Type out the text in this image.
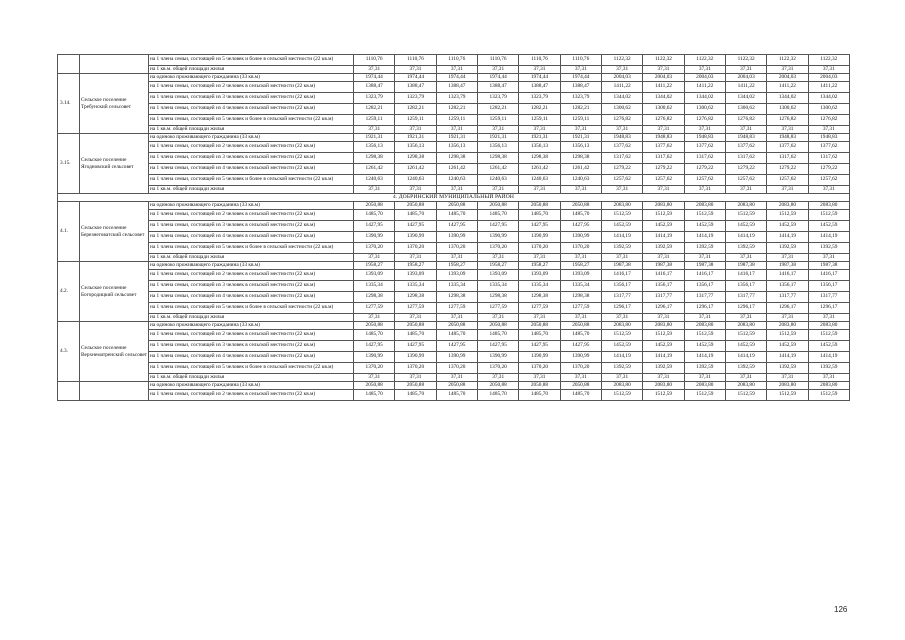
		на 1 члена семьи, состоящей из 5 человек и более в сельской местности (22 кв.м)	1110,76	1110,76	1110,76	1110,76	1110,76	1110,76	1122,32	1122,32	1122,32	1122,32	1122,32	1122,32
		на 1 кв.м. общей площади жилья	37,31	37,31	37,31	37,31	37,31	37,31	37,31	37,31	37,31	37,31	37,31	37,31
3.14.	Сельское поселение Требунский сельсовет	на одиноко проживающего гражданина (33 кв.м)	1974,44	1974,44	1974,44	1974,44	1974,44	1974,44	2004,03	2004,03	2004,03	2004,03	2004,03	2004,03
		на 1 члена семьи, состоящей из 2 человек в сельской местности (22 кв.м)	1388,47	1388,47	1388,47	1388,47	1388,47	1388,47	1411,22	1411,22	1411,22	1411,22	1411,22	1411,22
		на 1 члена семьи, состоящей из 3 человек в сельской местности (22 кв.м)	1323,79	1323,79	1323,79	1323,79	1323,79	1323,79	1344,02	1344,02	1344,02	1344,02	1344,02	1344,02
		на 1 члена семьи, состоящей из 4 человек в сельской местности (22 кв.м)	1282,21	1282,21	1282,21	1282,21	1282,21	1282,21	1300,62	1300,62	1300,62	1300,62	1300,62	1300,62
		на 1 члена семьи, состоящей из 5 человек и более в сельской местности (22 кв.м)	1259,11	1259,11	1259,11	1259,11	1259,11	1259,11	1276,82	1276,82	1276,82	1276,82	1276,82	1276,82
		на 1 кв.м. общей площади жилья	37,31	37,31	37,31	37,31	37,31	37,31	37,31	37,31	37,31	37,31	37,31	37,31
3.15.	Сельское поселение Ягодновский сельсовет	на одиноко проживающего гражданина (33 кв.м)	1921,31	1921,31	1921,31	1921,31	1921,31	1921,31	1948,83	1948,83	1948,83	1948,83	1948,83	1948,83
		на 1 члена семьи, состоящей из 2 человек в сельской местности (22 кв.м)	1356,13	1356,13	1356,13	1356,13	1356,13	1356,13	1377,62	1377,62	1377,62	1377,62	1377,62	1377,62
		на 1 члена семьи, состоящей из 3 человек в сельской местности (22 кв.м)	1298,38	1298,38	1298,38	1298,38	1298,38	1298,38	1317,62	1317,62	1317,62	1317,62	1317,62	1317,62
		на 1 члена семьи, состоящей из 4 человек в сельской местности (22 кв.м)	1261,42	1261,42	1261,42	1261,42	1261,42	1261,42	1279,22	1279,22	1279,22	1279,22	1279,22	1279,22
		на 1 члена семьи, состоящей из 5 человек и более в сельской местности (22 кв.м)	1240,63	1240,63	1240,63	1240,63	1240,63	1240,63	1257,62	1257,62	1257,62	1257,62	1257,62	1257,62
		на 1 кв.м. общей площади жилья	37,31	37,31	37,31	37,31	37,31	37,31	37,31	37,31	37,31	37,31	37,31	37,31
4. ДОБРИНСКИЙ МУНИЦИПАЛЬНЫЙ РАЙОН														
4.1.	Сельское поселение Березнеговатский сельсовет	на одиноко проживающего гражданина (33 кв.м)	2050,88	2050,88	2050,88	2050,88	2050,88	2050,88	2083,80	2083,80	2083,80	2083,80	2083,80	2083,80
		на 1 члена семьи, состоящей из 2 человек в сельской местности (22 кв.м)	1485,70	1485,70	1485,70	1485,70	1485,70	1485,70	1512,59	1512,59	1512,59	1512,59	1512,59	1512,59
		на 1 члена семьи, состоящей из 3 человек в сельской местности (22 кв.м)	1427,95	1427,95	1427,95	1427,95	1427,95	1427,95	1452,59	1452,59	1452,59	1452,59	1452,59	1452,59
		на 1 члена семьи, состоящей из 4 человек в сельской местности (22 кв.м)	1390,99	1390,99	1390,99	1390,99	1390,99	1390,99	1414,19	1414,19	1414,19	1414,19	1414,19	1414,19
		на 1 члена семьи, состоящей из 5 человек и более в сельской местности (22 кв.м)	1370,20	1370,20	1370,20	1370,20	1370,20	1370,20	1392,59	1392,59	1392,59	1392,59	1392,59	1392,59
		на 1 кв.м. общей площади жилья	37,31	37,31	37,31	37,31	37,31	37,31	37,31	37,31	37,31	37,31	37,31	37,31
4.2.	Сельское поселение Богородицкий сельсовет	на одиноко проживающего гражданина (33 кв.м)	1958,27	1958,27	1958,27	1958,27	1958,27	1958,27	1987,38	1987,38	1987,38	1987,38	1987,38	1987,38
		на 1 члена семьи, состоящей из 2 человек в сельской местности (22 кв.м)	1393,09	1393,09	1393,09	1393,09	1393,09	1393,09	1416,17	1416,17	1416,17	1416,17	1416,17	1416,17
		на 1 члена семьи, состоящей из 3 человек в сельской местности (22 кв.м)	1335,34	1335,34	1335,34	1335,34	1335,34	1335,34	1356,17	1356,17	1356,17	1356,17	1356,17	1356,17
		на 1 члена семьи, состоящей из 4 человек в сельской местности (22 кв.м)	1298,38	1298,38	1298,38	1298,38	1298,38	1298,38	1317,77	1317,77	1317,77	1317,77	1317,77	1317,77
		на 1 члена семьи, состоящей из 5 человек и более в сельской местности (22 кв.м)	1277,59	1277,59	1277,59	1277,59	1277,59	1277,59	1296,17	1296,17	1296,17	1296,17	1296,17	1296,17
		на 1 кв.м. общей площади жилья	37,31	37,31	37,31	37,31	37,31	37,31	37,31	37,31	37,31	37,31	37,31	37,31
4.3.	Сельское поселение Верхнематренский сельсовет	на одиноко проживающего гражданина (33 кв.м)	2050,88	2050,88	2050,88	2050,88	2050,88	2050,88	2083,80	2083,80	2083,80	2083,80	2083,80	2083,80
		на 1 члена семьи, состоящей из 2 человек в сельской местности (22 кв.м)	1485,70	1485,70	1485,70	1485,70	1485,70	1485,70	1512,59	1512,59	1512,59	1512,59	1512,59	1512,59
		на 1 члена семьи, состоящей из 3 человек в сельской местности (22 кв.м)	1427,95	1427,95	1427,95	1427,95	1427,95	1427,95	1452,59	1452,59	1452,59	1452,59	1452,59	1452,59
		на 1 члена семьи, состоящей из 4 человек в сельской местности (22 кв.м)	1390,99	1390,99	1390,99	1390,99	1390,99	1390,99	1414,19	1414,19	1414,19	1414,19	1414,19	1414,19
		на 1 члена семьи, состоящей из 5 человек и более в сельской местности (22 кв.м)	1370,20	1370,20	1370,20	1370,20	1370,20	1370,20	1392,59	1392,59	1392,59	1392,59	1392,59	1392,59
		на 1 кв.м. общей площади жилья	37,31	37,31	37,31	37,31	37,31	37,31	37,31	37,31	37,31	37,31	37,31	37,31
		на одиноко проживающего гражданина (33 кв.м)	2050,88	2050,88	2050,88	2050,88	2050,88	2050,88	2083,80	2083,80	2083,80	2083,80	2083,80	2083,80
		на 1 члена семьи, состоящей из 2 человек в сельской местности (22 кв.м)	1485,70	1485,70	1485,70	1485,70	1485,70	1485,70	1512,59	1512,59	1512,59	1512,59	1512,59	1512,59
126
